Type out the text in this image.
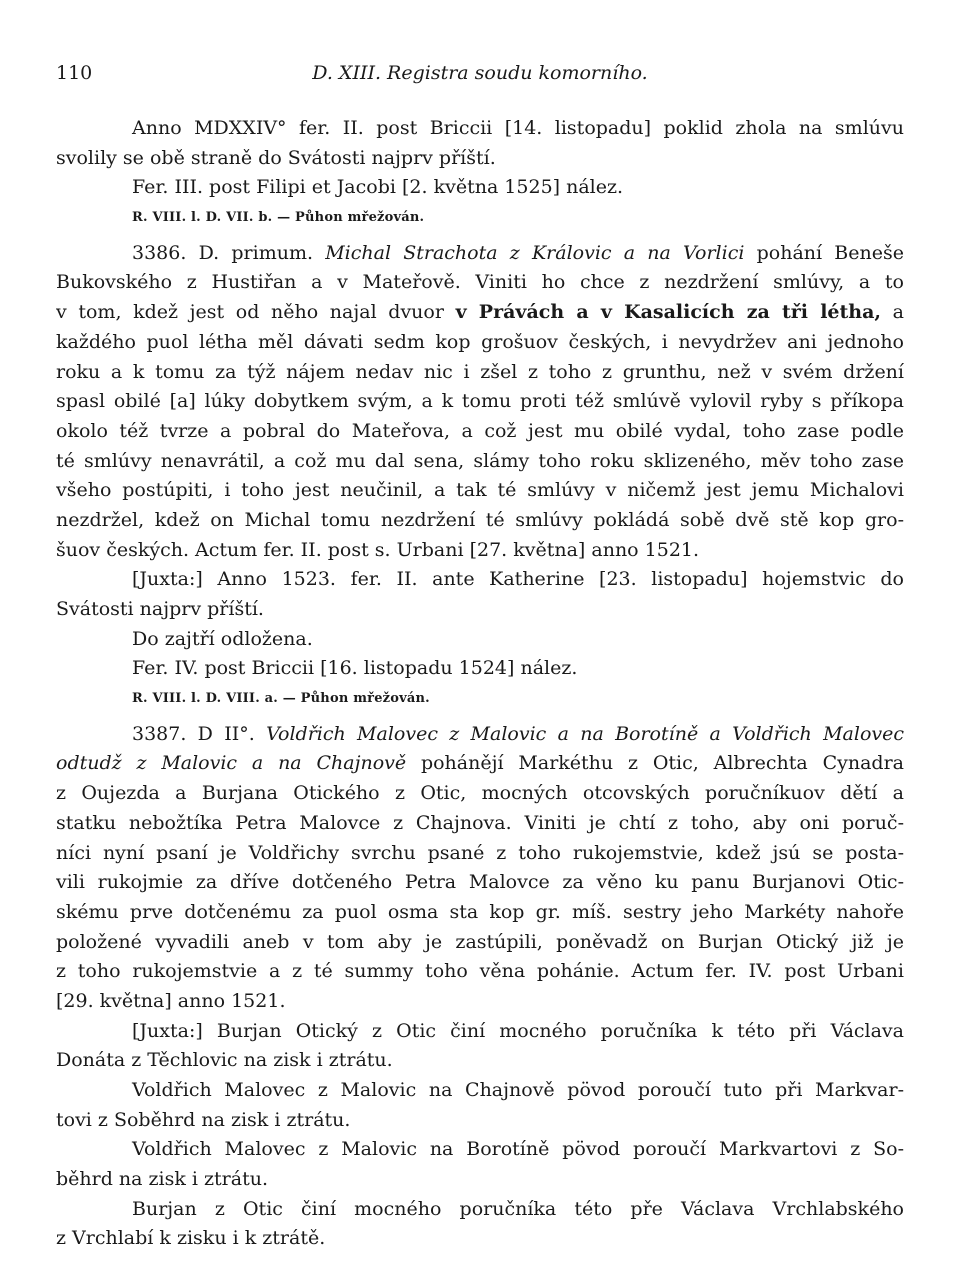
110	D. XIII. Registra soudu komorního.
Anno MDXXIV° fer. II. post Briccii [14. listopadu] poklid zhola na smlúvu
svolily se obě straně do Svátosti najprv příští.
Fer. III. post Filipi et Jacobi [2. května 1525] nález.
R. VIII. l. D. VII. b. — Půhon mřežován.
3386. D. primum. Michal Strachota z Královic a na Vorlici pohání Beneše
Bukovského z Hustiřan a v Mateřově. Viniti ho chce z nezdržení smlúvy, a to
v tom, kdež jest od něho najal dvuor v Právách a v Kasalicích za tři létha, a
každého puol létha měl dávati sedm kop grošuov českých, i nevydržev ani jednoho
roku a k tomu za týž nájem nedav nic i zšel z toho z grunthu, než v svém držení
spasl obilé [a] lúky dobytkem svým, a k tomu proti též smlúvě vylovil ryby s příkopa
okolo též tvrze a pobral do Mateřova, a což jest mu obilé vydal, toho zase podle
té smlúvy nenavrátil, a což mu dal sena, slámy toho roku sklizeného, měv toho zase
všeho postúpiti, i toho jest neučinil, a tak té smlúvy v ničemž jest jemu Michalovi
nezdržel, kdež on Michal tomu nezdržení té smlúvy pokládá sobě dvě stě kop gro-
šuov českých. Actum fer. II. post s. Urbani [27. května] anno 1521.
[Juxta:] Anno 1523. fer. II. ante Katherine [23. listopadu] hojemstvic do
Svátosti najprv příští.
Do zajtří odložena.
Fer. IV. post Briccii [16. listopadu 1524] nález.
R. VIII. l. D. VIII. a. — Půhon mřežován.
3387. D II°. Voldřich Malovec z Malovic a na Borotíně a Voldřich Malovec
odtudž z Malovic a na Chajnově pohánějí Markéthu z Otic, Albrechta Cynadra
z Oujezda a Burjana Otického z Otic, mocných otcovských poručníkuov dětí a
statku nebožtíka Petra Malovce z Chajnova. Viniti je chtí z toho, aby oni poruč-
níci nyní psaní je Voldřichy svrchu psané z toho rukojemstvie, kdež jsú se posta-
vili rukojmie za dříve dotčeného Petra Malovce za věno ku panu Burjanovi Otic-
skému prve dotčenému za puol osma sta kop gr. míš. sestry jeho Markéty nahoře
položené vyvadili aneb v tom aby je zastúpili, poněvadž on Burjan Otický již je
z toho rukojemstvie a z té summy toho věna pohánie. Actum fer. IV. post Urbani
[29. května] anno 1521.
[Juxta:] Burjan Otický z Otic činí mocného poručníka k této při Václava
Donáta z Těchlovic na zisk i ztrátu.
Voldřich Malovec z Malovic na Chajnově pövod poroučí tuto při Markvar-
tovi z Soběhrd na zisk i ztrátu.
Voldřich Malovec z Malovic na Borotíně pövod poroučí Markvartovi z So-
běhrd na zisk i ztrátu.
Burjan z Otic činí mocného poručníka této pře Václava Vrchlabského
z Vrchlabí k zisku i k ztrátě.
